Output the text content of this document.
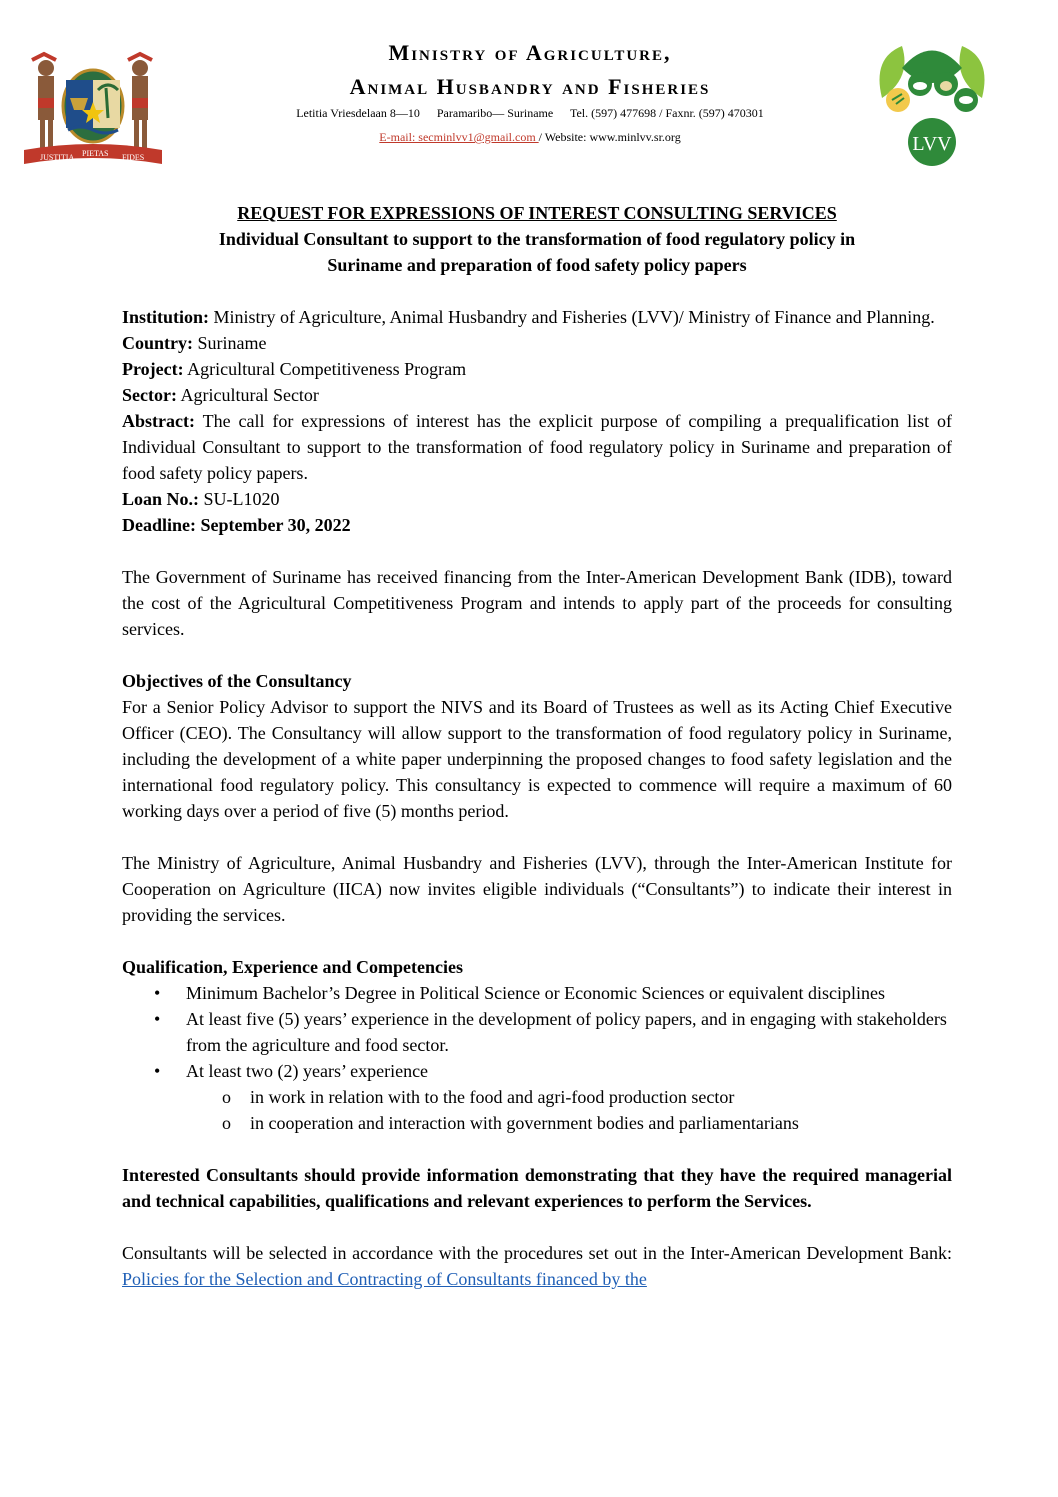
JUSTITIA PIETAS FIDES
LVV
Ministry of Agriculture,
Animal Husbandry and Fisheries
Letitia Vriesdelaan 8—10 Paramaribo— Suriname Tel. (597) 477698 / Faxnr. (597) 470301
E-mail: secminlvv1@gmail.com / Website: www.minlvv.sr.org
REQUEST FOR EXPRESSIONS OF INTEREST CONSULTING SERVICES
Individual Consultant to support to the transformation of food regulatory policy in
Suriname and preparation of food safety policy papers

Institution: Ministry of Agriculture, Animal Husbandry and Fisheries (LVV)/ Ministry of Finance and Planning.

Country: Suriname

Project: Agricultural Competitiveness Program

Sector: Agricultural Sector

Abstract: The call for expressions of interest has the explicit purpose of compiling a prequalification list of Individual Consultant to support to the transformation of food regulatory policy in Suriname and preparation of food safety policy papers.

Loan No.: SU-L1020

Deadline: September 30, 2022

The Government of Suriname has received financing from the Inter-American Development Bank (IDB), toward the cost of the Agricultural Competitiveness Program and intends to apply part of the proceeds for consulting services.

Objectives of the Consultancy

For a Senior Policy Advisor to support the NIVS and its Board of Trustees as well as its Acting Chief Executive Officer (CEO). The Consultancy will allow support to the transformation of food regulatory policy in Suriname, including the development of a white paper underpinning the proposed changes to food safety legislation and the international food regulatory policy. This consultancy is expected to commence will require a maximum of 60 working days over a period of five (5) months period.

The Ministry of Agriculture, Animal Husbandry and Fisheries (LVV), through the Inter-American Institute for Cooperation on Agriculture (IICA) now invites eligible individuals (“Consultants”) to indicate their interest in providing the services.

Qualification, Experience and Competencies

• Minimum Bachelor’s Degree in Political Science or Economic Sciences or equivalent disciplines
• At least five (5) years’ experience in the development of policy papers, and in engaging with stakeholders from the agriculture and food sector.
• At least two (2) years’ experience
o in work in relation with to the food and agri-food production sector
o in cooperation and interaction with government bodies and parliamentarians

Interested Consultants should provide information demonstrating that they have the required managerial and technical capabilities, qualifications and relevant experiences to perform the Services.

Consultants will be selected in accordance with the procedures set out in the Inter-American Development Bank: Policies for the Selection and Contracting of Consultants financed by the
